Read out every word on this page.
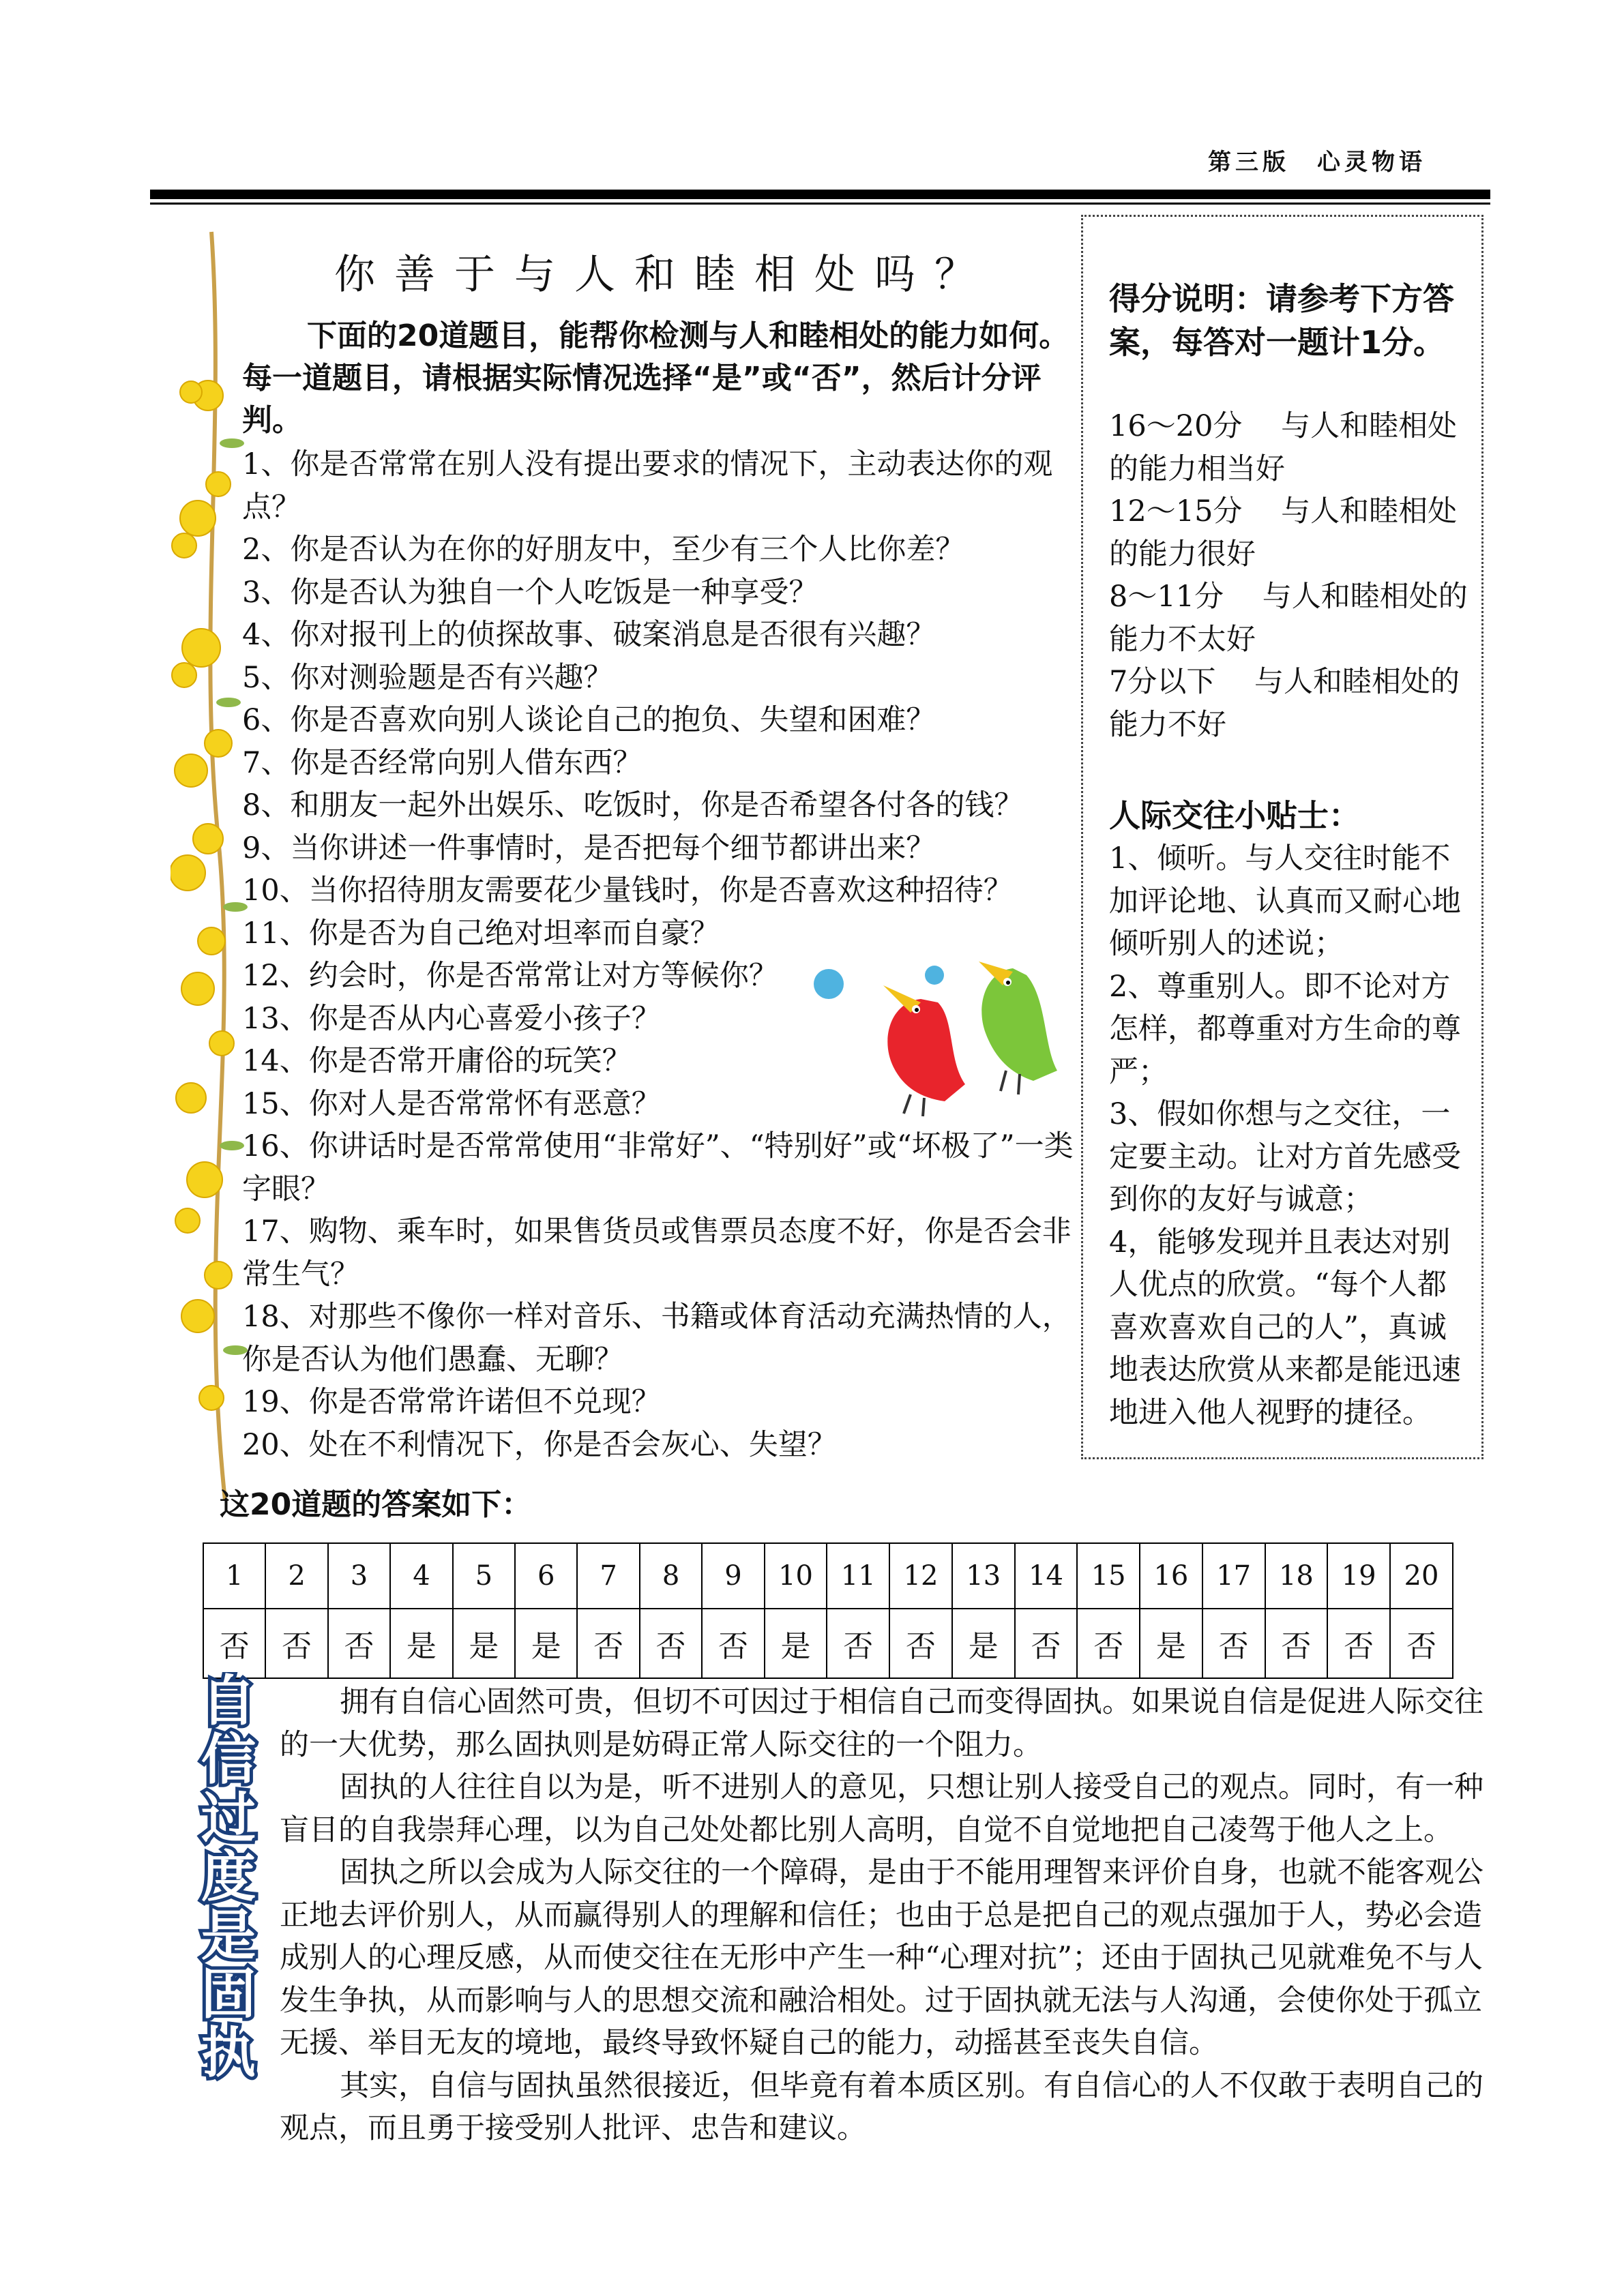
第三版　心灵物语
你善于与人和睦相处吗？
下面的20道题目，能帮你检测与人和睦相处的能力如何。每一道题目，请根据实际情况选择“是”或“否”，然后计分评判。
1、你是否常常在别人没有提出要求的情况下，主动表达你的观点？
2、你是否认为在你的好朋友中，至少有三个人比你差？
3、你是否认为独自一个人吃饭是一种享受？
4、你对报刊上的侦探故事、破案消息是否很有兴趣？
5、你对测验题是否有兴趣？
6、你是否喜欢向别人谈论自己的抱负、失望和困难？
7、你是否经常向别人借东西？
8、和朋友一起外出娱乐、吃饭时，你是否希望各付各的钱？
9、当你讲述一件事情时，是否把每个细节都讲出来？
10、当你招待朋友需要花少量钱时，你是否喜欢这种招待？
11、你是否为自己绝对坦率而自豪？
12、约会时，你是否常常让对方等候你？
13、你是否从内心喜爱小孩子？
14、你是否常开庸俗的玩笑？
15、你对人是否常常怀有恶意？
16、你讲话时是否常常使用“非常好”、“特别好”或“坏极了”一类字眼？
17、购物、乘车时，如果售货员或售票员态度不好，你是否会非常生气？
18、对那些不像你一样对音乐、书籍或体育活动充满热情的人，你是否认为他们愚蠢、无聊？
19、你是否常常许诺但不兑现？
20、处在不利情况下，你是否会灰心、失望？
得分说明：请参考下方答案，每答对一题计1分。
16～20分　 与人和睦相处的能力相当好
12～15分　 与人和睦相处的能力很好
8～11分　 与人和睦相处的能力不太好
7分以下　 与人和睦相处的能力不好
人际交往小贴士：
1、倾听。与人交往时能不加评论地、认真而又耐心地倾听别人的述说；
2、尊重别人。即不论对方怎样，都尊重对方生命的尊严；
3、假如你想与之交往，一定要主动。让对方首先感受到你的友好与诚意；
4，能够发现并且表达对别人优点的欣赏。“每个人都喜欢喜欢自己的人”，真诚地表达欣赏从来都是能迅速地进入他人视野的捷径。
这20道题的答案如下：
1	2	3	4	5	6	7	8	9	10	11	12	13	14	15	16	17	18	19	20
否	否	否	是	是	是	否	否	否	是	否	否	是	否	否	是	否	否	否	否
自信过度是固执

拥有自信心固然可贵，但切不可因过于相信自己而变得固执。如果说自信是促进人际交往的一大优势，那么固执则是妨碍正常人际交往的一个阻力。

固执的人往往自以为是，听不进别人的意见，只想让别人接受自己的观点。同时，有一种盲目的自我崇拜心理，以为自己处处都比别人高明，自觉不自觉地把自己凌驾于他人之上。

固执之所以会成为人际交往的一个障碍，是由于不能用理智来评价自身，也就不能客观公正地去评价别人，从而赢得别人的理解和信任；也由于总是把自己的观点强加于人，势必会造成别人的心理反感，从而使交往在无形中产生一种“心理对抗”；还由于固执己见就难免不与人发生争执，从而影响与人的思想交流和融洽相处。过于固执就无法与人沟通，会使你处于孤立无援、举目无友的境地，最终导致怀疑自己的能力，动摇甚至丧失自信。

其实，自信与固执虽然很接近，但毕竟有着本质区别。有自信心的人不仅敢于表明自己的观点，而且勇于接受别人批评、忠告和建议。
